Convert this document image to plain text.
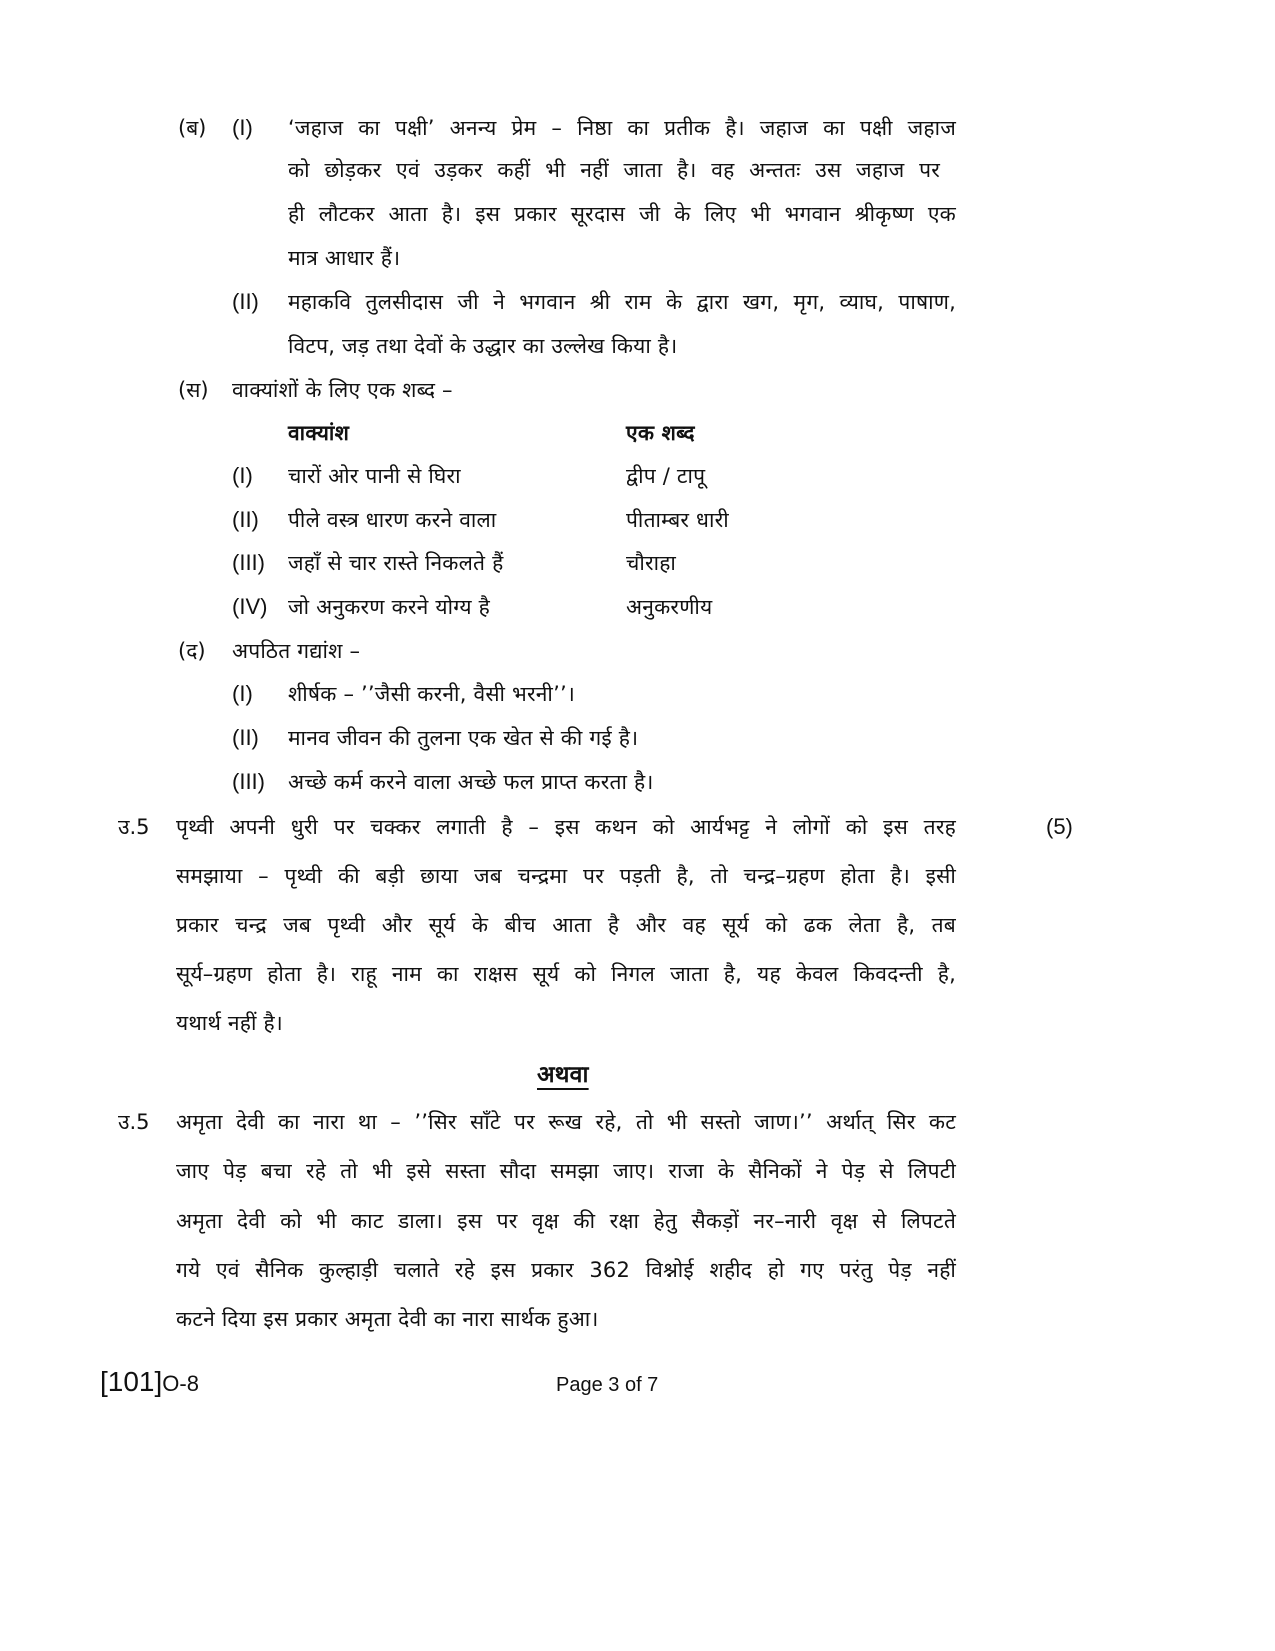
(ब) (I) ‘जहाज का पक्षी’ अनन्य प्रेम – निष्ठा का प्रतीक है। जहाज का पक्षी जहाज
को छोड़कर एवं उड़कर कहीं भी नहीं जाता है। वह अन्ततः उस जहाज पर
ही लौटकर आता है। इस प्रकार सूरदास जी के लिए भी भगवान श्रीकृष्ण एक
मात्र आधार हैं।
(II) महाकवि तुलसीदास जी ने भगवान श्री राम के द्वारा खग, मृग, व्याघ, पाषाण,
विटप, जड़ तथा देवों के उद्धार का उल्लेख किया है।
(स) वाक्यांशों के लिए एक शब्द –
वाक्यांश	एक शब्द
(I) चारों ओर पानी से घिरा	द्वीप / टापू
(II) पीले वस्त्र धारण करने वाला	पीताम्बर धारी
(III) जहाँ से चार रास्ते निकलते हैं	चौराहा
(IV) जो अनुकरण करने योग्य है	अनुकरणीय
(द) अपठित गद्यांश –
(I) शीर्षक – ’’जैसी करनी, वैसी भरनी’’।
(II) मानव जीवन की तुलना एक खेत से की गई है।
(III) अच्छे कर्म करने वाला अच्छे फल प्राप्त करता है।
उ.5	(5)
पृथ्वी अपनी धुरी पर चक्कर लगाती है – इस कथन को आर्यभट्ट ने लोगों को इस तरह
समझाया – पृथ्वी की बड़ी छाया जब चन्द्रमा पर पड़ती है, तो चन्द्र–ग्रहण होता है। इसी
प्रकार चन्द्र जब पृथ्वी और सूर्य के बीच आता है और वह सूर्य को ढक लेता है, तब
सूर्य–ग्रहण होता है। राहू नाम का राक्षस सूर्य को निगल जाता है, यह केवल किवदन्ती है,
यथार्थ नहीं है।
अथवा
उ.5 अमृता देवी का नारा था – ’’सिर साँटे पर रूख रहे, तो भी सस्तो जाण।’’ अर्थात् सिर कट
जाए पेड़ बचा रहे तो भी इसे सस्ता सौदा समझा जाए। राजा के सैनिकों ने पेड़ से लिपटी
अमृता देवी को भी काट डाला। इस पर वृक्ष की रक्षा हेतु सैकड़ों नर–नारी वृक्ष से लिपटते
गये एवं सैनिक कुल्हाड़ी चलाते रहे इस प्रकार 362 विश्नोई शहीद हो गए परंतु पेड़ नहीं
कटने दिया इस प्रकार अमृता देवी का नारा सार्थक हुआ।
[101]O-8	Page 3 of 7
